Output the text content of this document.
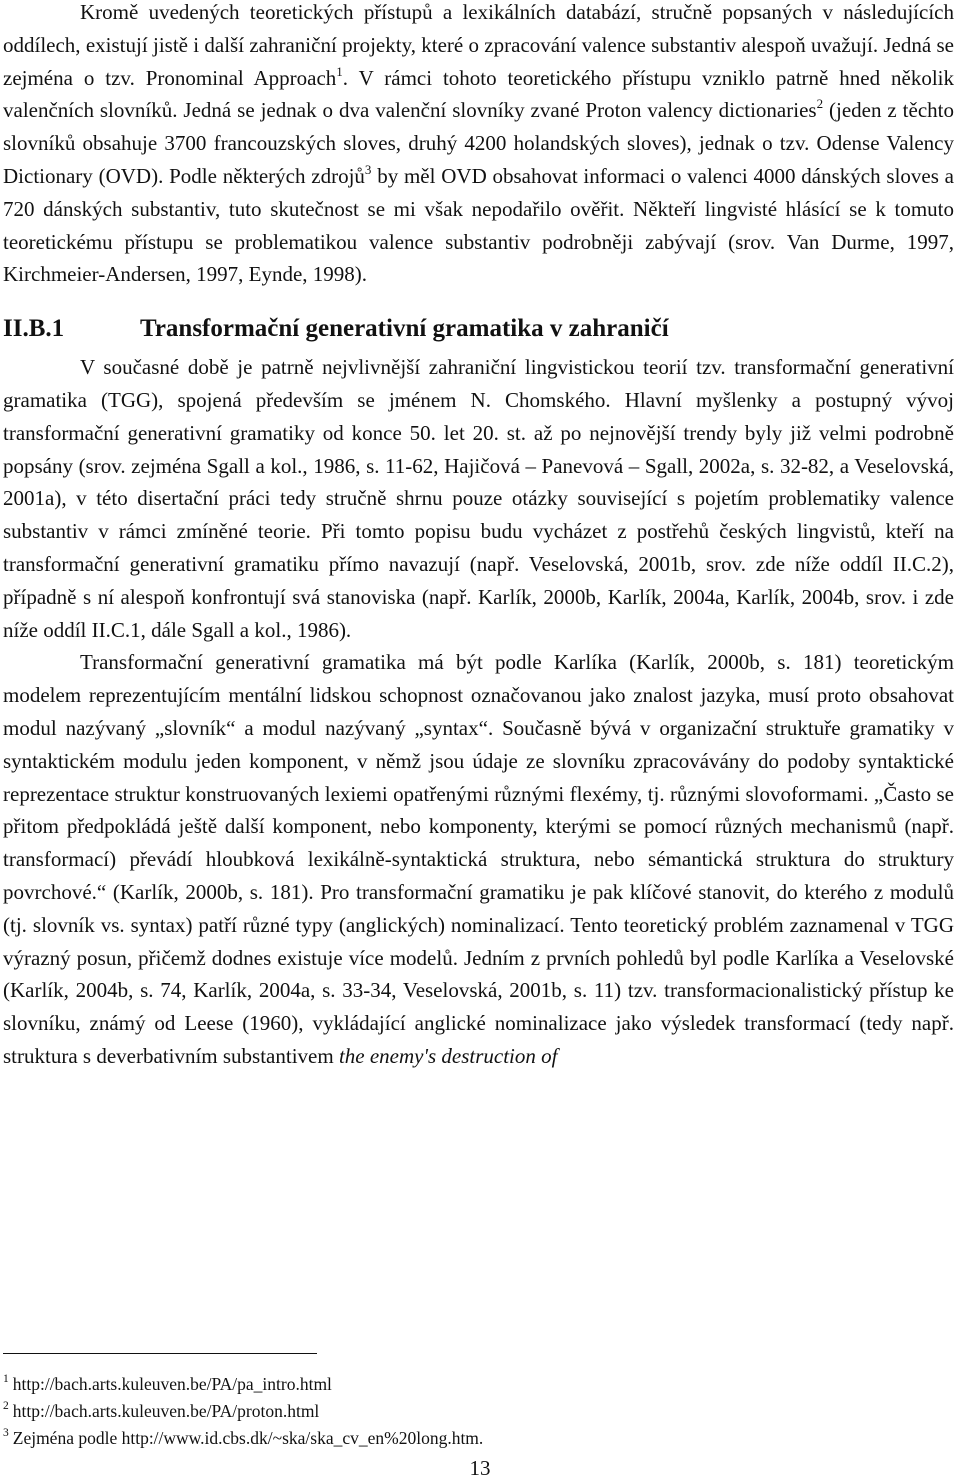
Kromě uvedených teoretických přístupů a lexikálních databází, stručně popsaných v následujících oddílech, existují jistě i další zahraniční projekty, které o zpracování valence substantiv alespoň uvažují. Jedná se zejména o tzv. Pronominal Approach$^1$. V rámci tohoto teoretického přístupu vzniklo patrně hned několik valenčních slovníků. Jedná se jednak o dva valenční slovníky zvané Proton valency dictionaries$^2$ (jeden z těchto slovníků obsahuje 3700 francouzských sloves, druhý 4200 holandských sloves), jednak o tzv. Odense Valency Dictionary (OVD). Podle některých zdrojů$^3$ by měl OVD obsahovat informaci o valenci 4000 dánských sloves a 720 dánských substantiv, tuto skutečnost se mi však nepodařilo ověřit. Někteří lingvisté hlásící se k tomuto teoretickému přístupu se problematikou valence substantiv podrobněji zabývají (srov. Van Durme, 1997, Kirchmeier-Andersen, 1997, Eynde, 1998).

II.B.1	Transformační generativní gramatika v zahraničí

V současné době je patrně nejvlivnější zahraniční lingvistickou teorií tzv. transformační generativní gramatika (TGG), spojená především se jménem N. Chomského. Hlavní myšlenky a postupný vývoj transformační generativní gramatiky od konce 50. let 20. st. až po nejnovější trendy byly již velmi podrobně popsány (srov. zejména Sgall a kol., 1986, s. 11-62, Hajičová – Panevová – Sgall, 2002a, s. 32-82, a Veselovská, 2001a), v této disertační práci tedy stručně shrnu pouze otázky související s pojetím problematiky valence substantiv v rámci zmíněné teorie. Při tomto popisu budu vycházet z postřehů českých lingvistů, kteří na transformační generativní gramatiku přímo navazují (např. Veselovská, 2001b, srov. zde níže oddíl II.C.2), případně s ní alespoň konfrontují svá stanoviska (např. Karlík, 2000b, Karlík, 2004a, Karlík, 2004b, srov. i zde níže oddíl II.C.1, dále Sgall a kol., 1986).

Transformační generativní gramatika má být podle Karlíka (Karlík, 2000b, s. 181) teoretickým modelem reprezentujícím mentální lidskou schopnost označovanou jako znalost jazyka, musí proto obsahovat modul nazývaný „slovník“ a modul nazývaný „syntax“. Současně bývá v organizační struktuře gramatiky v syntaktickém modulu jeden komponent, v němž jsou údaje ze slovníku zpracovávány do podoby syntaktické reprezentace struktur konstruovaných lexiemi opatřenými různými flexémy, tj. různými slovoformami. „Často se přitom předpokládá ještě další komponent, nebo komponenty, kterými se pomocí různých mechanismů (např. transformací) převádí hloubková lexikálně-syntaktická struktura, nebo sémantická struktura do struktury povrchové.“ (Karlík, 2000b, s. 181). Pro transformační gramatiku je pak klíčové stanovit, do kterého z modulů (tj. slovník vs. syntax) patří různé typy (anglických) nominalizací. Tento teoretický problém zaznamenal v TGG výrazný posun, přičemž dodnes existuje více modelů. Jedním z prvních pohledů byl podle Karlíka a Veselovské (Karlík, 2004b, s. 74, Karlík, 2004a, s. 33-34, Veselovská, 2001b, s. 11) tzv. transformacionalistický přístup ke slovníku, známý od Leese (1960), vykládající anglické nominalizace jako výsledek transformací (tedy např. struktura s deverbativním substantivem the enemy's destruction of

$^1$ http://bach.arts.kuleuven.be/PA/pa_intro.html

$^2$ http://bach.arts.kuleuven.be/PA/proton.html

$^3$ Zejména podle http://www.id.cbs.dk/~ska/ska_cv_en%20long.htm.

13
